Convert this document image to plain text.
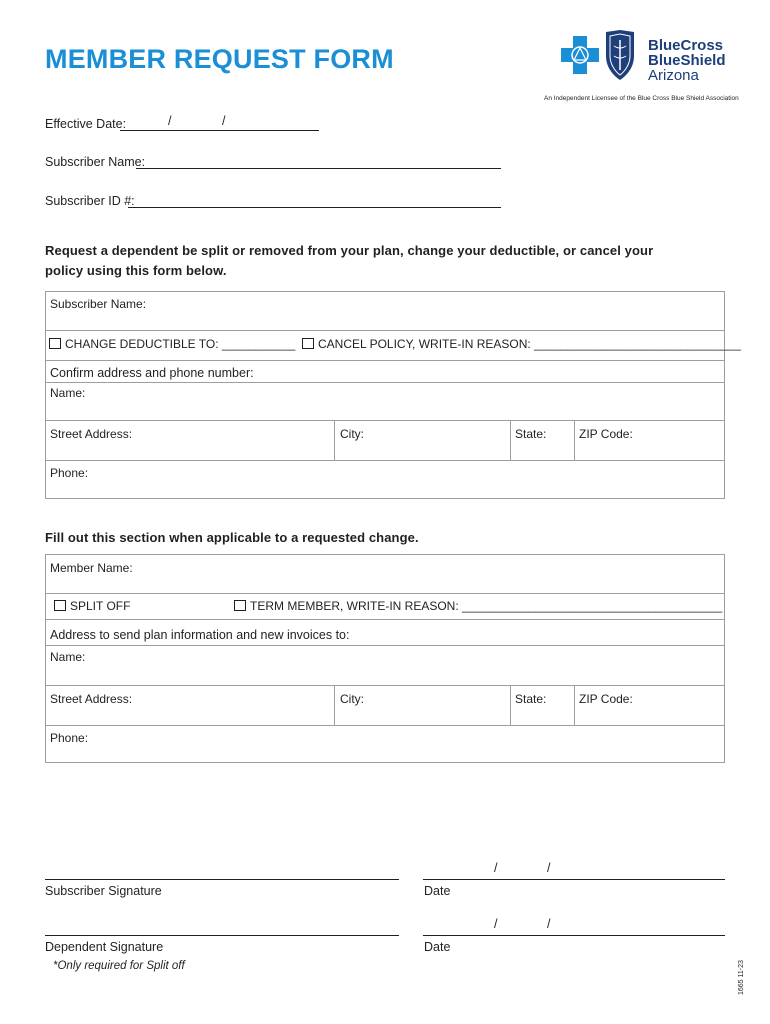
MEMBER REQUEST FORM	BlueCross
BlueShield
Arizona
An Independent Licensee of the Blue Cross Blue Shield Association
Effective Date:	/	/
Subscriber Name:
Subscriber ID #:
Request a dependent be split or removed from your plan, change your deductible, or cancel your
policy using this form below.
Subscriber Name:
CHANGE DEDUCTIBLE TO: ___________	CANCEL POLICY, WRITE-IN REASON: _______________________________
Confirm address and phone number:
Name:
Street Address:	City:	State:	ZIP Code:
Phone:
Fill out this section when applicable to a requested change.
Member Name:
SPLIT OFF	TERM MEMBER, WRITE-IN REASON: _______________________________________
Address to send plan information and new invoices to:
Name:
Street Address:	City:	State:	ZIP Code:
Phone:
Subscriber Signature	Date
/	/
Dependent Signature	Date
/	/
*Only required for Split off	1665 11-23
